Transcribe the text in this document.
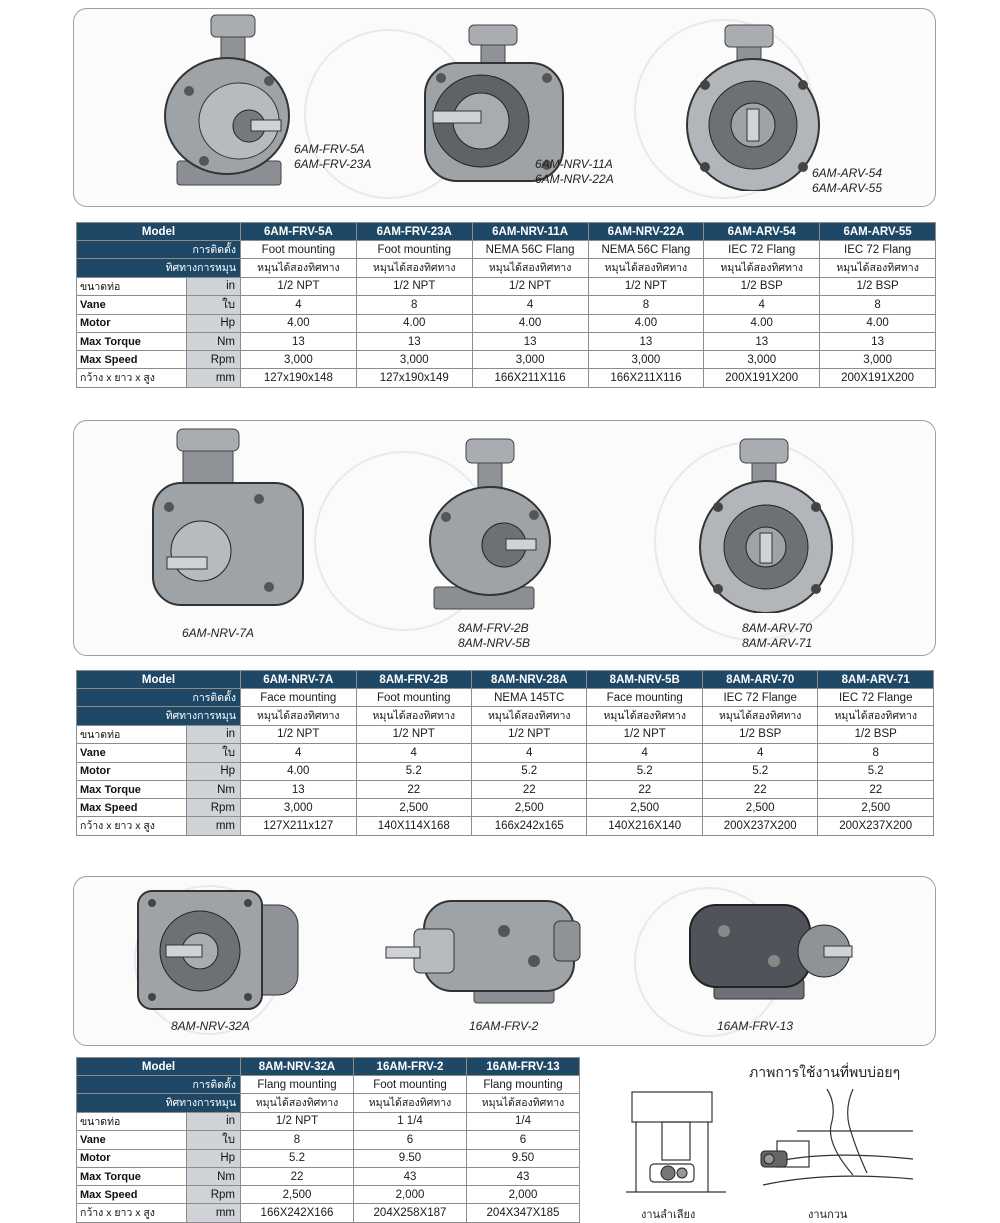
6AM-FRV-5A
6AM-FRV-23A	6AM-NRV-11A
6AM-NRV-22A	6AM-ARV-54
6AM-ARV-55
Model		6AM-FRV-5A	6AM-FRV-23A	6AM-NRV-11A	6AM-NRV-22A	6AM-ARV-54	6AM-ARV-55
การติดตั้ง		Foot mounting	Foot mounting	NEMA 56C Flang	NEMA 56C Flang	IEC 72 Flang	IEC 72 Flang
ทิศทางการหมุน		หมุนได้สองทิศทาง	หมุนได้สองทิศทาง	หมุนได้สองทิศทาง	หมุนได้สองทิศทาง	หมุนได้สองทิศทาง	หมุนได้สองทิศทาง
ขนาดท่อ	in	1/2 NPT	1/2 NPT	1/2 NPT	1/2 NPT	1/2 BSP	1/2 BSP
Vane	ใบ	4	8	4	8	4	8
Motor	Hp	4.00	4.00	4.00	4.00	4.00	4.00
Max Torque	Nm	13	13	13	13	13	13
Max Speed	Rpm	3,000	3,000	3,000	3,000	3,000	3,000
กว้าง x ยาว x สูง	mm	127x190x148	127x190x149	166X211X116	166X211X116	200X191X200	200X191X200
6AM-NRV-7A	8AM-FRV-2B
8AM-NRV-5B
8AM-ARV-70
8AM-ARV-71
Model		6AM-NRV-7A	8AM-FRV-2B	8AM-NRV-28A	8AM-NRV-5B	8AM-ARV-70	8AM-ARV-71
การติดตั้ง		Face mounting	Foot mounting	NEMA 145TC	Face mounting	IEC 72 Flange	IEC 72 Flange
ทิศทางการหมุน		หมุนได้สองทิศทาง	หมุนได้สองทิศทาง	หมุนได้สองทิศทาง	หมุนได้สองทิศทาง	หมุนได้สองทิศทาง	หมุนได้สองทิศทาง
ขนาดท่อ	in	1/2 NPT	1/2 NPT	1/2 NPT	1/2 NPT	1/2 BSP	1/2 BSP
Vane	ใบ	4	4	4	4	4	8
Motor	Hp	4.00	5.2	5.2	5.2	5.2	5.2
Max Torque	Nm	13	22	22	22	22	22
Max Speed	Rpm	3,000	2,500	2,500	2,500	2,500	2,500
กว้าง x ยาว x สูง	mm	127X211x127	140X114X168	166x242x165	140X216X140	200X237X200	200X237X200
8AM-NRV-32A	16AM-FRV-2	16AM-FRV-13
Model		8AM-NRV-32A	16AM-FRV-2	16AM-FRV-13
การติดตั้ง		Flang mounting	Foot mounting	Flang mounting
ทิศทางการหมุน		หมุนได้สองทิศทาง	หมุนได้สองทิศทาง	หมุนได้สองทิศทาง
ขนาดท่อ	in	1/2 NPT	1 1/4	1/4
Vane	ใบ	8	6	6
Motor	Hp	5.2	9.50	9.50
Max Torque	Nm	22	43	43
Max Speed	Rpm	2,500	2,000	2,000
กว้าง x ยาว x สูง	mm	166X242X166	204X258X187	204X347X185
ภาพการใช้งานที่พบบ่อยๆ
งานลำเลียง	งานกวน
